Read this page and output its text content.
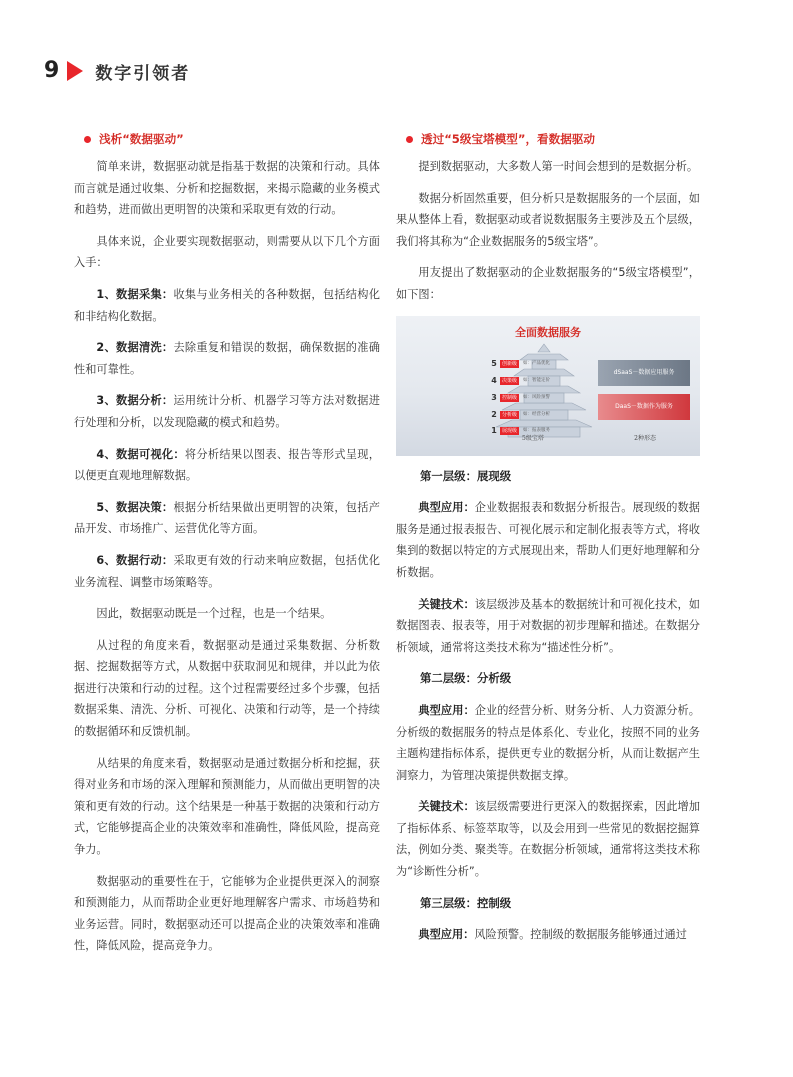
9 数字引领者
浅析“数据驱动”

简单来讲，数据驱动就是指基于数据的决策和行动。具体而言就是通过收集、分析和挖掘数据，来揭示隐藏的业务模式和趋势，进而做出更明智的决策和采取更有效的行动。

具体来说，企业要实现数据驱动，则需要从以下几个方面入手：

1、数据采集：收集与业务相关的各种数据，包括结构化和非结构化数据。

2、数据清洗：去除重复和错误的数据，确保数据的准确性和可靠性。

3、数据分析：运用统计分析、机器学习等方法对数据进行处理和分析，以发现隐藏的模式和趋势。

4、数据可视化：将分析结果以图表、报告等形式呈现，以便更直观地理解数据。

5、数据决策：根据分析结果做出更明智的决策，包括产品开发、市场推广、运营优化等方面。

6、数据行动：采取更有效的行动来响应数据，包括优化业务流程、调整市场策略等。

因此，数据驱动既是一个过程，也是一个结果。

从过程的角度来看，数据驱动是通过采集数据、分析数据、挖掘数据等方式，从数据中获取洞见和规律，并以此为依据进行决策和行动的过程。这个过程需要经过多个步骤，包括数据采集、清洗、分析、可视化、决策和行动等，是一个持续的数据循环和反馈机制。

从结果的角度来看，数据驱动是通过数据分析和挖掘，获得对业务和市场的深入理解和预测能力，从而做出更明智的决策和更有效的行动。这个结果是一种基于数据的决策和行动方式，它能够提高企业的决策效率和准确性，降低风险，提高竞争力。

数据驱动的重要性在于，它能够为企业提供更深入的洞察和预测能力，从而帮助企业更好地理解客户需求、市场趋势和业务运营。同时，数据驱动还可以提高企业的决策效率和准确性，降低风险，提高竞争力。

透过“5级宝塔模型”，看数据驱动

提到数据驱动，大多数人第一时间会想到的是数据分析。

数据分析固然重要，但分析只是数据服务的一个层面，如果从整体上看，数据驱动或者说数据服务主要涉及五个层级，我们将其称为“企业数据服务的5级宝塔”。

用友提出了数据驱动的企业数据服务的“5级宝塔模型”，如下图：

全面数据服务
5	创新级	如：产品优化
4	决策级	如：智能定价
3	控制级	如：风险预警
2	分析级	如：经营分析
1	展现级	如：报表服务
dSaaS－数据应用服务
DaaS－数据作为服务
5级宝塔	2种形态
第一层级：展现级

典型应用：企业数据报表和数据分析报告。展现级的数据服务是通过报表报告、可视化展示和定制化报表等方式，将收集到的数据以特定的方式展现出来，帮助人们更好地理解和分析数据。

关键技术：该层级涉及基本的数据统计和可视化技术，如数据图表、报表等，用于对数据的初步理解和描述。在数据分析领域，通常将这类技术称为“描述性分析”。

第二层级：分析级

典型应用：企业的经营分析、财务分析、人力资源分析。分析级的数据服务的特点是体系化、专业化，按照不同的业务主题构建指标体系，提供更专业的数据分析，从而让数据产生洞察力，为管理决策提供数据支撑。

关键技术：该层级需要进行更深入的数据探索，因此增加了指标体系、标签萃取等，以及会用到一些常见的数据挖掘算法，例如分类、聚类等。在数据分析领域，通常将这类技术称为“诊断性分析”。

第三层级：控制级

典型应用：风险预警。控制级的数据服务能够通过通过
